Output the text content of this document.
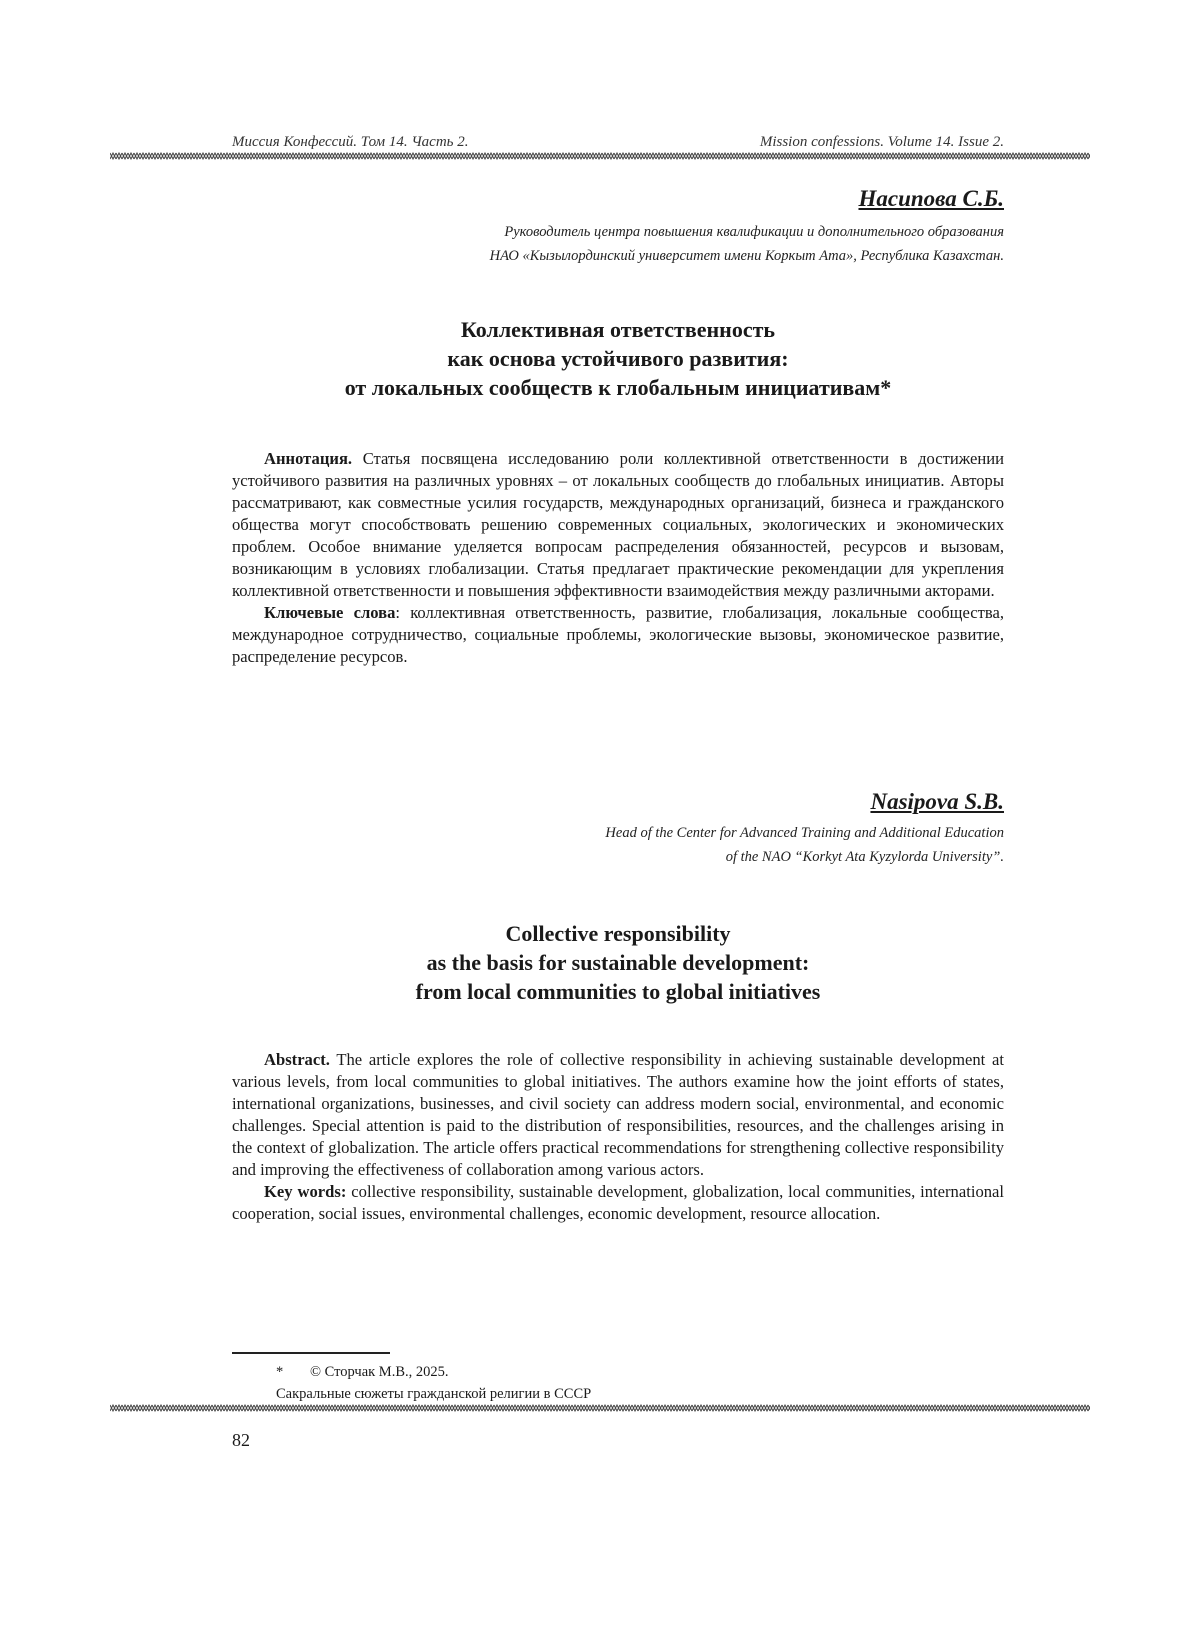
Миссия Конфессий. Том 14. Часть 2.	Mission confessions. Volume 14. Issue 2.
Насипова С.Б.
Руководитель центра повышения квалификации и дополнительного образования
НАО «Кызылординский университет имени Коркыт Ата», Республика Казахстан.
Коллективная ответственность
как основа устойчивого развития:
от локальных сообществ к глобальным инициативам*

Аннотация. Статья посвящена исследованию роли коллективной ответственности в достижении устойчивого развития на различных уровнях – от локальных сообществ до глобальных инициатив. Авторы рассматривают, как совместные усилия государств, международных организаций, бизнеса и гражданского общества могут способствовать решению современных социальных, экологических и экономических проблем. Особое внимание уделяется вопросам распределения обязанностей, ресурсов и вызовам, возникающим в условиях глобализации. Статья предлагает практические рекомендации для укрепления коллективной ответственности и повышения эффективности взаимодействия между различными акторами.

Ключевые слова: коллективная ответственность, развитие, глобализация, локальные сообщества, международное сотрудничество, социальные проблемы, экологические вызовы, экономическое развитие, распределение ресурсов.

Nasipova S.B.
Head of the Center for Advanced Training and Additional Education
of the NAO “Korkyt Ata Kyzylorda University”.
Collective responsibility
as the basis for sustainable development:
from local communities to global initiatives

Abstract. The article explores the role of collective responsibility in achieving sustainable development at various levels, from local communities to global initiatives. The authors examine how the joint efforts of states, international organizations, businesses, and civil society can address modern social, environmental, and economic challenges. Special attention is paid to the distribution of responsibilities, resources, and the challenges arising in the context of globalization. The article offers practical recommendations for strengthening collective responsibility and improving the effectiveness of collaboration among various actors.

Key words: collective responsibility, sustainable development, globalization, local communities, international cooperation, social issues, environmental challenges, economic development, resource allocation.

* © Сторчак М.В., 2025.
Сакральные сюжеты гражданской религии в СССР
82
